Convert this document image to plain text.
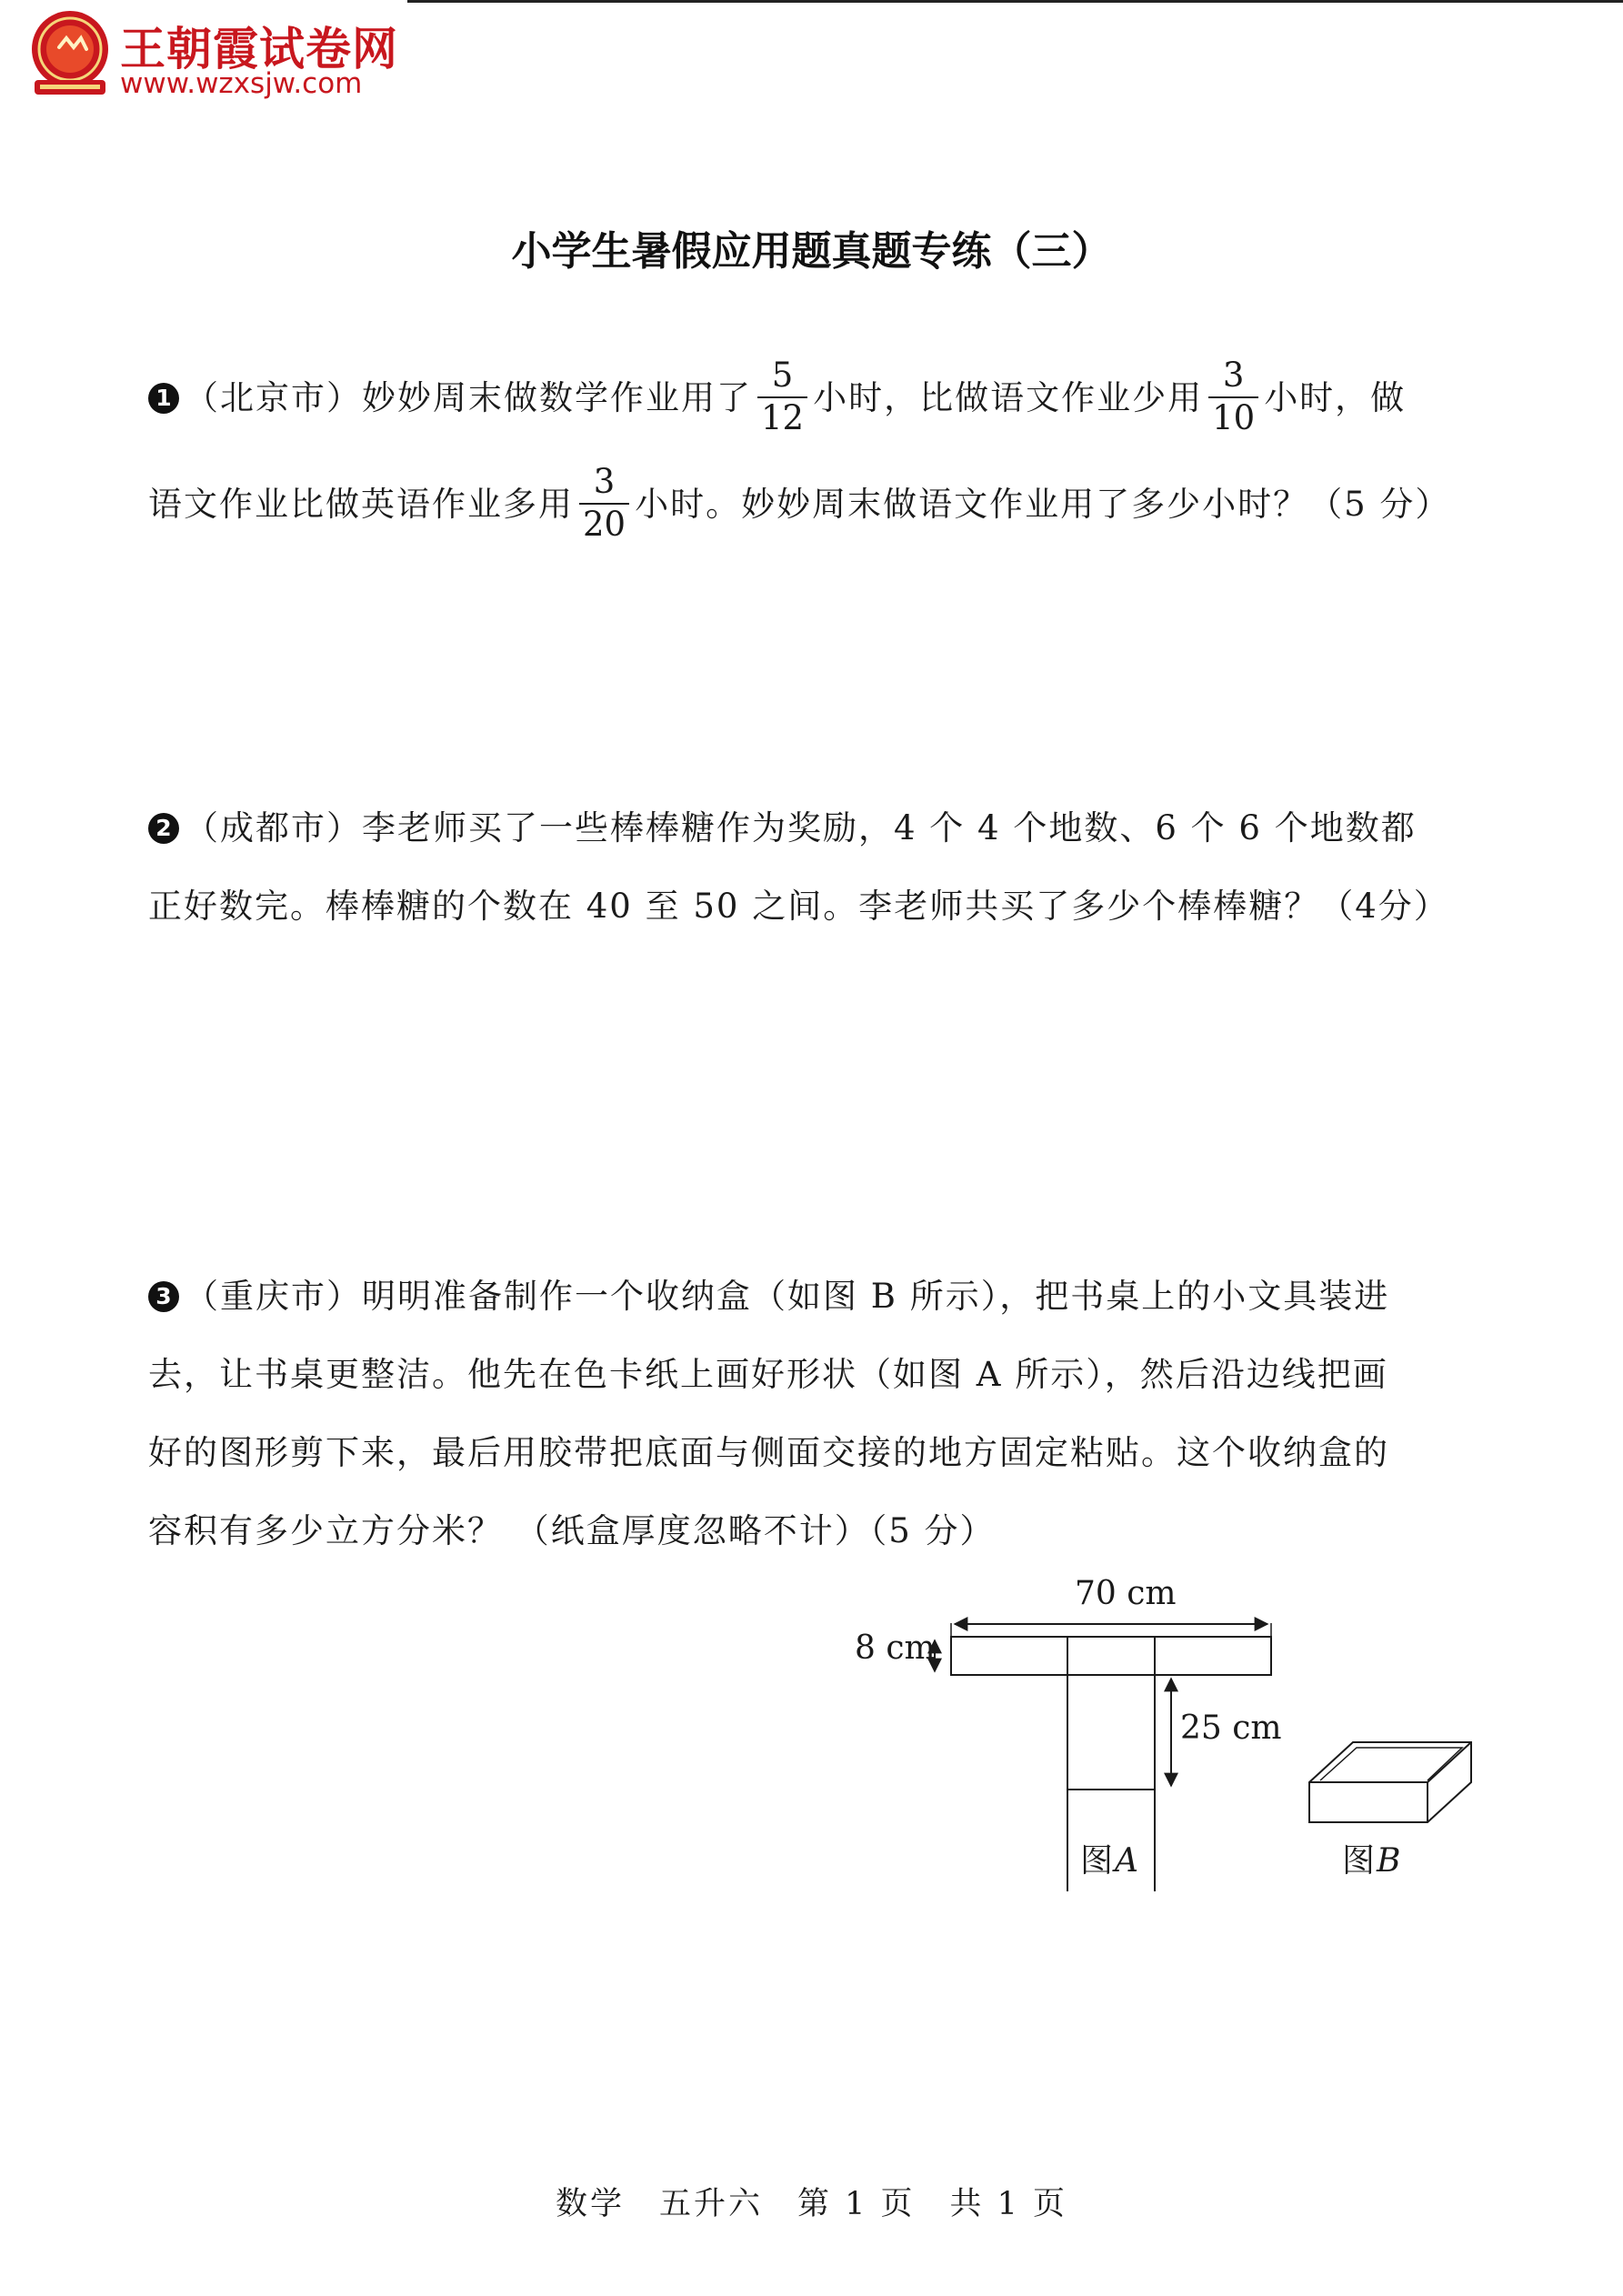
王朝霞试卷网
www.wzxsjw.com
小学生暑假应用题真题专练（三）

1 （北京市）妙妙周末做数学作业用了 $\frac{5}{12}$ 小时，比做语文作业少用 $\frac{3}{10}$ 小时，做

语文作业比做英语作业多用 $\frac{3}{20}$ 小时。妙妙周末做语文作业用了多少小时？（5 分）

2 （成都市）李老师买了一些棒棒糖作为奖励，4 个 4 个地数、6 个 6 个地数都

正好数完。棒棒糖的个数在 40 至 50 之间。李老师共买了多少个棒棒糖？（4分）

3 （重庆市）明明准备制作一个收纳盒（如图 B 所示），把书桌上的小文具装进

去，让书桌更整洁。他先在色卡纸上画好形状（如图 A 所示），然后沿边线把画

好的图形剪下来，最后用胶带把底面与侧面交接的地方固定粘贴。这个收纳盒的

容积有多少立方分米？ （纸盒厚度忽略不计）（5 分）

70 cm
8 cm
25 cm
图A	图B
数学　五升六　第 1 页　共 1 页
